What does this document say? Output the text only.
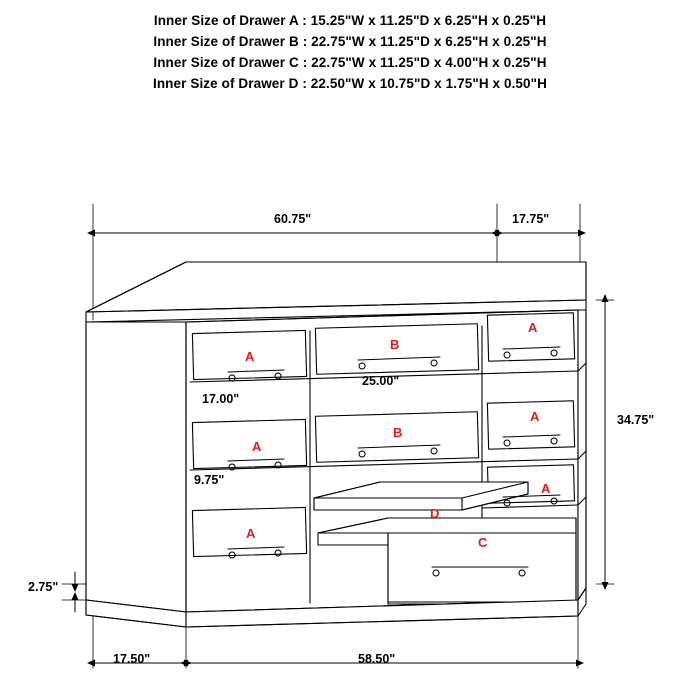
Inner Size of Drawer A : 15.25"W x 11.25"D x 6.25"H x 0.25"H
Inner Size of Drawer B : 22.75"W x 11.25"D x 6.25"H x 0.25"H
Inner Size of Drawer C : 22.75"W x 11.25"D x 4.00"H x 0.25"H
Inner Size of Drawer D : 22.50"W x 10.75"D x 1.75"H x 0.50"H
60.75"	17.75"
34.75"
17.00"
25.00"
9.75"
2.75"
17.50"	58.50"
A
B
A
A
B
A
A
D
A
C
